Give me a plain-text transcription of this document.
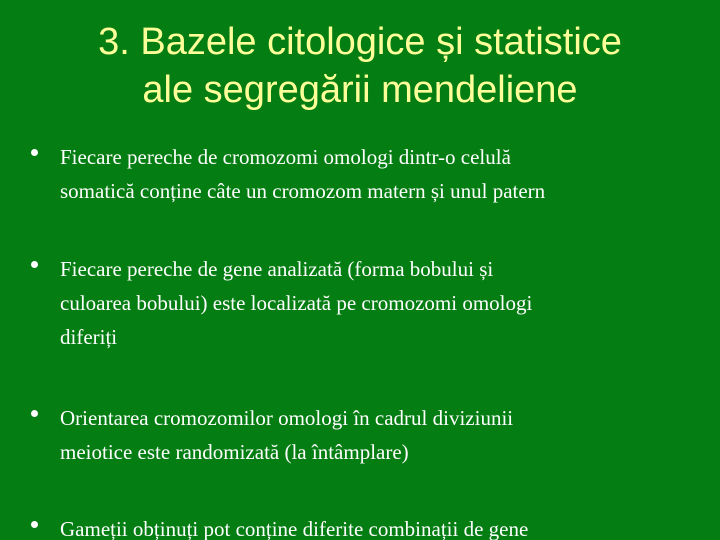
3. Bazele citologice și statistice
ale segregării mendeliene
Fiecare pereche de cromozomi omologi dintr-o celulă
somatică conține câte un cromozom matern și unul patern
Fiecare pereche de gene analizată (forma bobului și
culoarea bobului) este localizată pe cromozomi omologi
diferiți
Orientarea cromozomilor omologi în cadrul diviziunii
meiotice este randomizată (la întâmplare)
Gameții obținuți pot conține diferite combinații de gene
